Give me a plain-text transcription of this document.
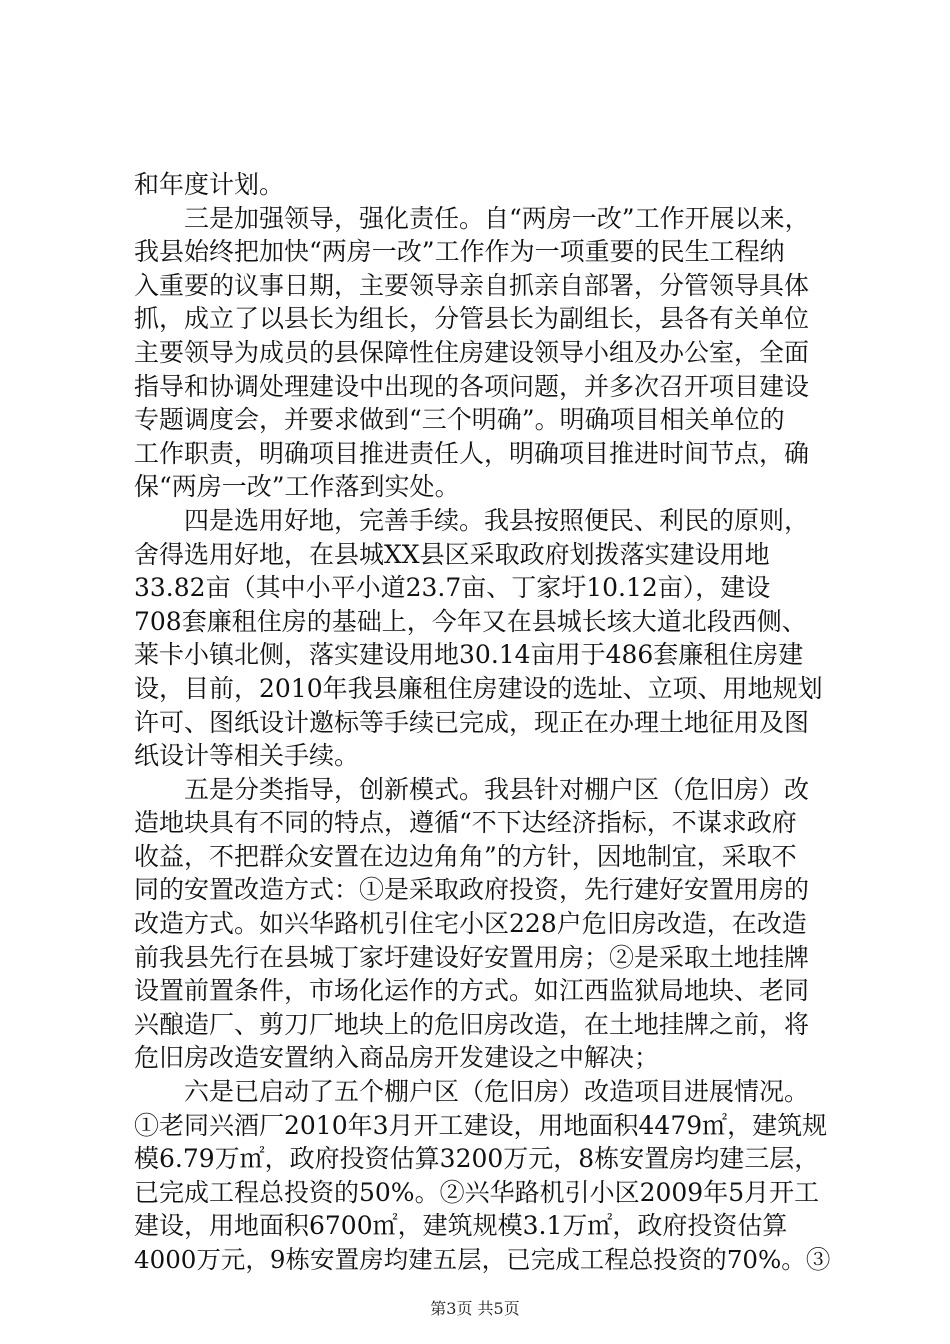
和年度计划。
三是加强领导，强化责任。自“两房一改”工作开展以来，
我县始终把加快“两房一改”工作作为一项重要的民生工程纳
入重要的议事日期，主要领导亲自抓亲自部署，分管领导具体
抓，成立了以县长为组长，分管县长为副组长，县各有关单位
主要领导为成员的县保障性住房建设领导小组及办公室，全面
指导和协调处理建设中出现的各项问题，并多次召开项目建设
专题调度会，并要求做到“三个明确”。明确项目相关单位的
工作职责，明确项目推进责任人，明确项目推进时间节点，确
保“两房一改”工作落到实处。
四是选用好地，完善手续。我县按照便民、利民的原则，
舍得选用好地，在县城XX县区采取政府划拨落实建设用地
33.82亩（其中小平小道23.7亩、丁家圩10.12亩），建设
708套廉租住房的基础上，今年又在县城长垓大道北段西侧、
莱卡小镇北侧，落实建设用地30.14亩用于486套廉租住房建
设，目前，2010年我县廉租住房建设的选址、立项、用地规划
许可、图纸设计邀标等手续已完成，现正在办理土地征用及图
纸设计等相关手续。
五是分类指导，创新模式。我县针对棚户区（危旧房）改
造地块具有不同的特点，遵循“不下达经济指标，不谋求政府
收益，不把群众安置在边边角角”的方针，因地制宜，采取不
同的安置改造方式：①是采取政府投资，先行建好安置用房的
改造方式。如兴华路机引住宅小区228户危旧房改造，在改造
前我县先行在县城丁家圩建设好安置用房；②是采取土地挂牌
设置前置条件，市场化运作的方式。如江西监狱局地块、老同
兴酿造厂、剪刀厂地块上的危旧房改造，在土地挂牌之前，将
危旧房改造安置纳入商品房开发建设之中解决；
六是已启动了五个棚户区（危旧房）改造项目进展情况。
①老同兴酒厂2010年3月开工建设，用地面积4479㎡，建筑规
模6.79万㎡，政府投资估算3200万元，8栋安置房均建三层，
已完成工程总投资的50%。②兴华路机引小区2009年5月开工
建设，用地面积6700㎡，建筑规模3.1万㎡，政府投资估算
4000万元，9栋安置房均建五层，已完成工程总投资的70%。③
第3页 共5页
